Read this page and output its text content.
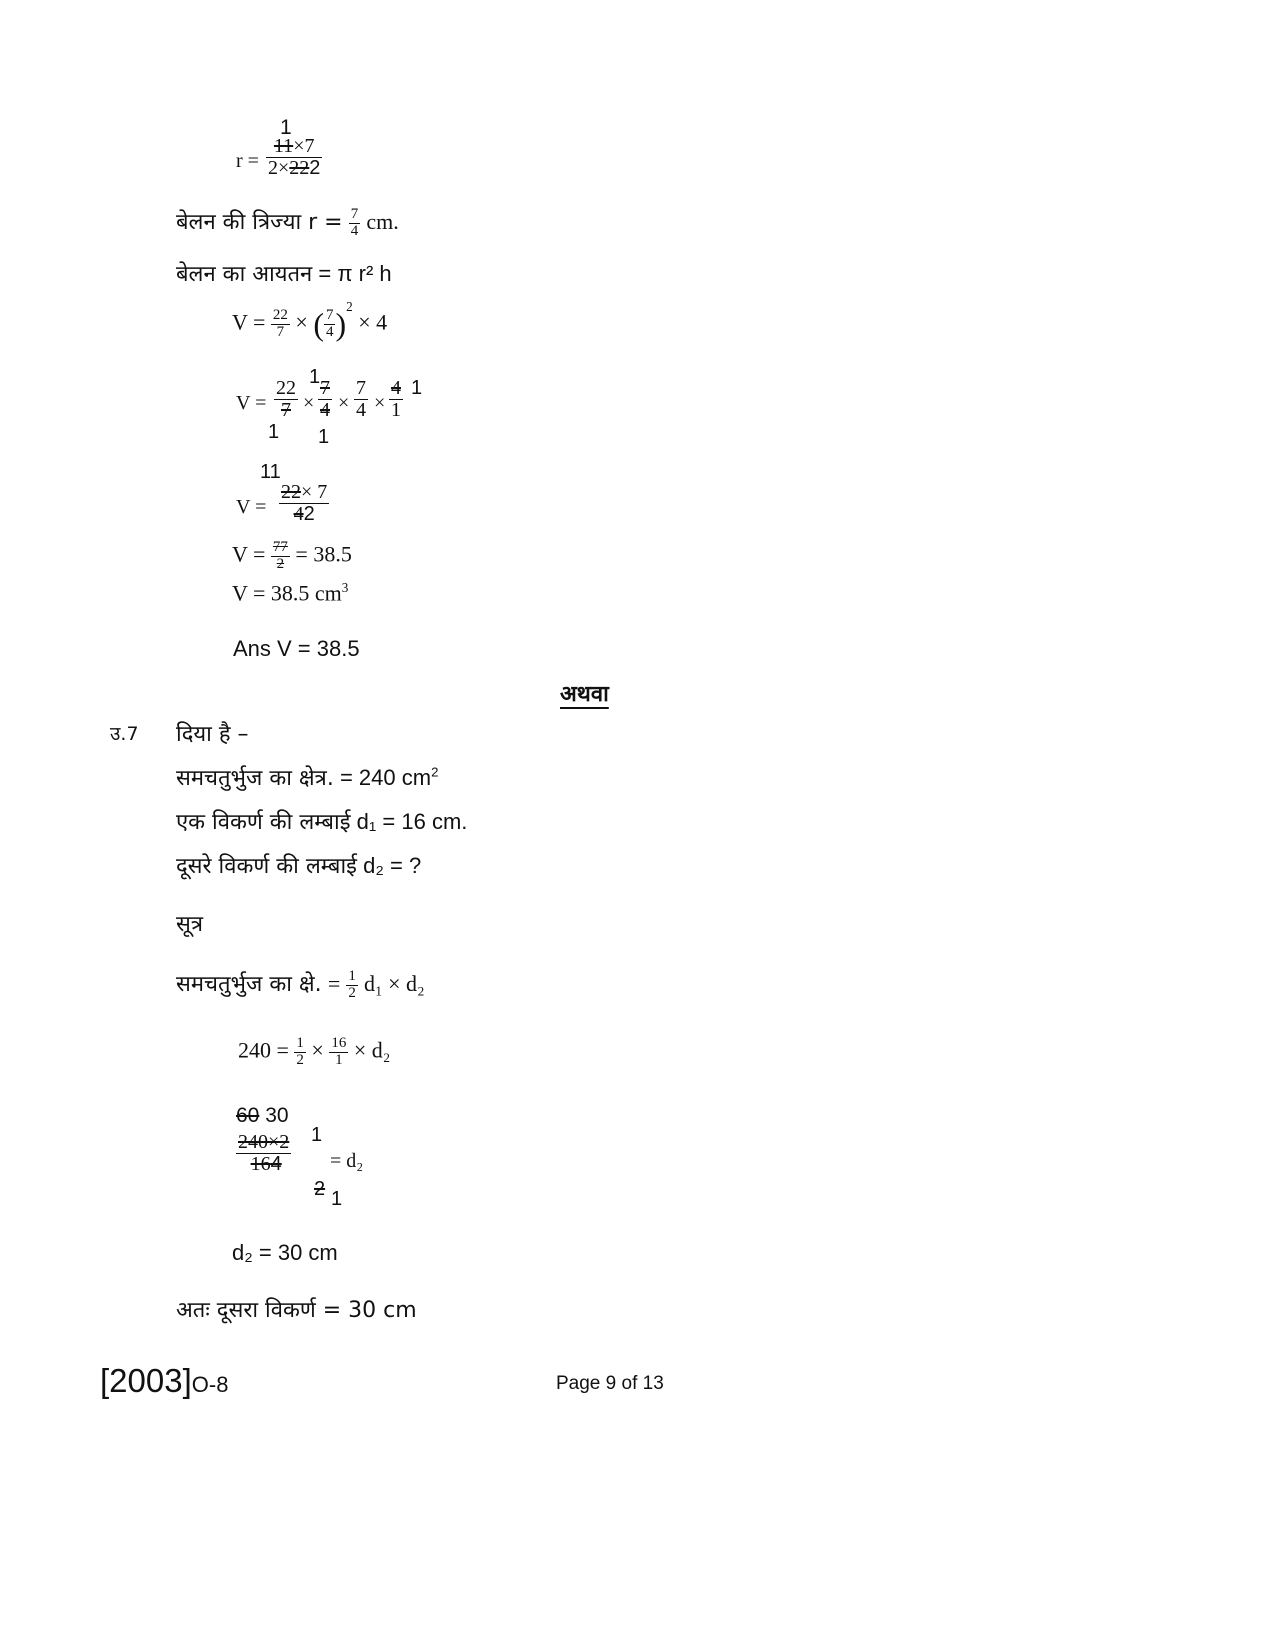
1
$r = \frac{11\times 7}{2\times 222}$
बेलन की त्रिज्या $r = \frac{7}{4}$ cm.
बेलन का आयतन = π r² h
$V = \frac{22}{7}$ × ( $\frac{7}{4} )^2 \times 4$
V =
1	1
$\frac{22}{7} \times \frac{7}{4} \times \frac{7}{4} \times \frac{4}{1}$
1 1
11
$V = \frac{22\times 7}{42}$
$V = \frac{77}{2} = 38.5$
V = 38.5 $cm^3$
Ans V = 38.5
अथवा
उ.7 दिया है –
समचतुर्भुज का क्षेत्र. = 240 $cm^2$
एक विकर्ण की लम्बाई d₁ = 16 cm.
दूसरे विकर्ण की लम्बाई d₂ = ?
सूत्र
समचतुर्भुज का क्षे. = $\frac{1}{2} d_1 \times d_2$
$240 = \frac{1}{2} \times \frac{16}{1} \times d_2$
60 30
$\frac{240\times 2}{164} 1$
2 1
= d₂
d₂ = 30 cm
अतः दूसरा विकर्ण = 30 cm
[2003]O-8	Page 9 of 13
